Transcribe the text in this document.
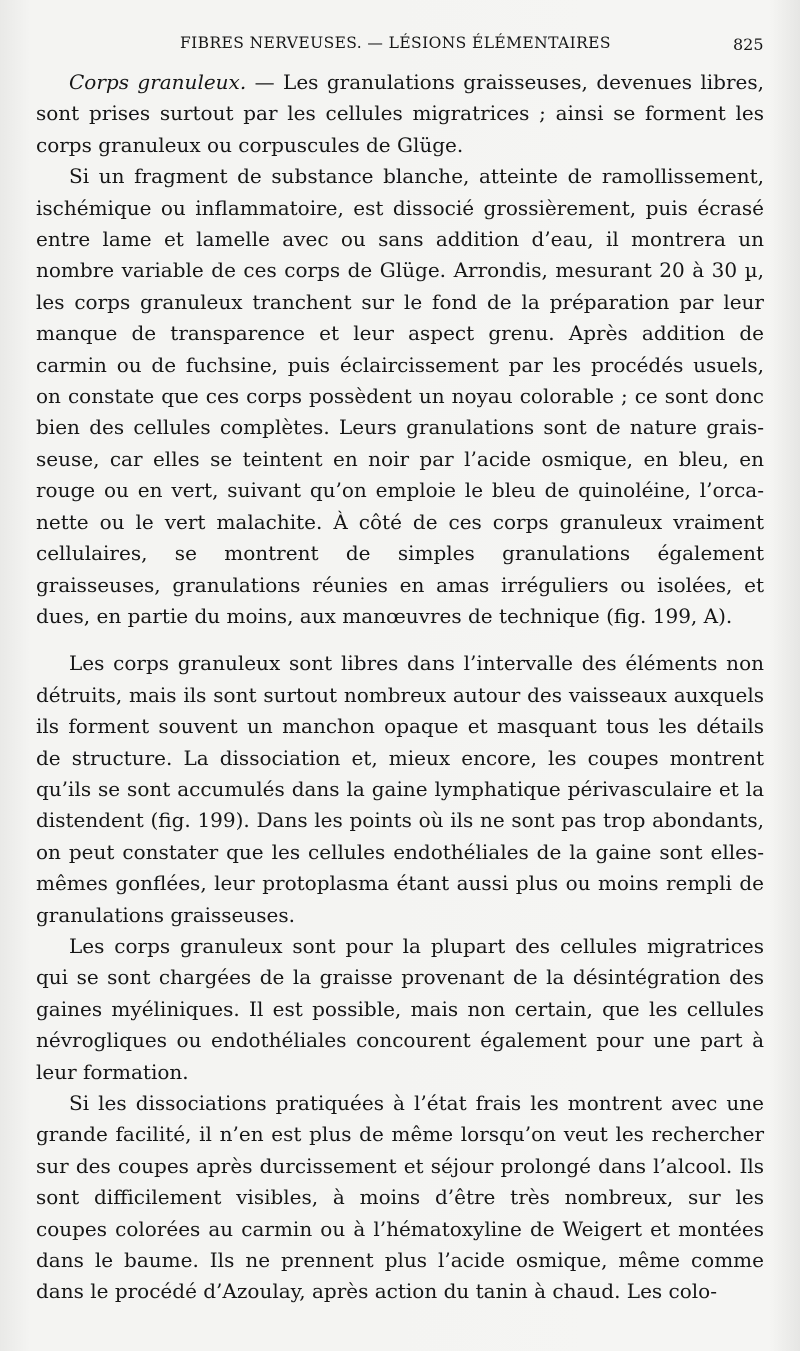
FIBRES NERVEUSES. — LÉSIONS ÉLÉMENTAIRES	825

Corps granuleux. — Les granulations graisseuses, devenues libres, sont prises surtout par les cellules migratrices ; ainsi se forment les corps granuleux ou corpuscules de Glüge.

Si un fragment de substance blanche, atteinte de ramollissement, ischémique ou inflammatoire, est dissocié grossièrement, puis écrasé entre lame et lamelle avec ou sans addition d’eau, il montrera un nombre variable de ces corps de Glüge. Arrondis, mesurant 20 à 30 µ, les corps granuleux tranchent sur le fond de la préparation par leur manque de transparence et leur aspect grenu. Après addition de carmin ou de fuchsine, puis éclaircissement par les procédés usuels, on constate que ces corps possèdent un noyau colorable ; ce sont donc bien des cellules complètes. Leurs granulations sont de nature graisseuse, car elles se teintent en noir par l’acide osmique, en bleu, en rouge ou en vert, suivant qu’on emploie le bleu de quinoléine, l’orcanette ou le vert malachite. À côté de ces corps granuleux vraiment cellulaires, se montrent de simples granulations également graisseuses, granulations réunies en amas irréguliers ou isolées, et dues, en partie du moins, aux manœuvres de technique (fig. 199, A).

Les corps granuleux sont libres dans l’intervalle des éléments non détruits, mais ils sont surtout nombreux autour des vaisseaux auxquels ils forment souvent un manchon opaque et masquant tous les détails de structure. La dissociation et, mieux encore, les coupes montrent qu’ils se sont accumulés dans la gaine lymphatique périvasculaire et la distendent (fig. 199). Dans les points où ils ne sont pas trop abondants, on peut constater que les cellules endothéliales de la gaine sont elles-mêmes gonflées, leur protoplasma étant aussi plus ou moins rempli de granulations graisseuses.

Les corps granuleux sont pour la plupart des cellules migratrices qui se sont chargées de la graisse provenant de la désintégration des gaines myéliniques. Il est possible, mais non certain, que les cellules névrogliques ou endothéliales concourent également pour une part à leur formation.

Si les dissociations pratiquées à l’état frais les montrent avec une grande facilité, il n’en est plus de même lorsqu’on veut les rechercher sur des coupes après durcissement et séjour prolongé dans l’alcool. Ils sont difficilement visibles, à moins d’être très nombreux, sur les coupes colorées au carmin ou à l’hématoxyline de Weigert et montées dans le baume. Ils ne prennent plus l’acide osmique, même comme dans le procédé d’Azoulay, après action du tanin à chaud. Les colo-
